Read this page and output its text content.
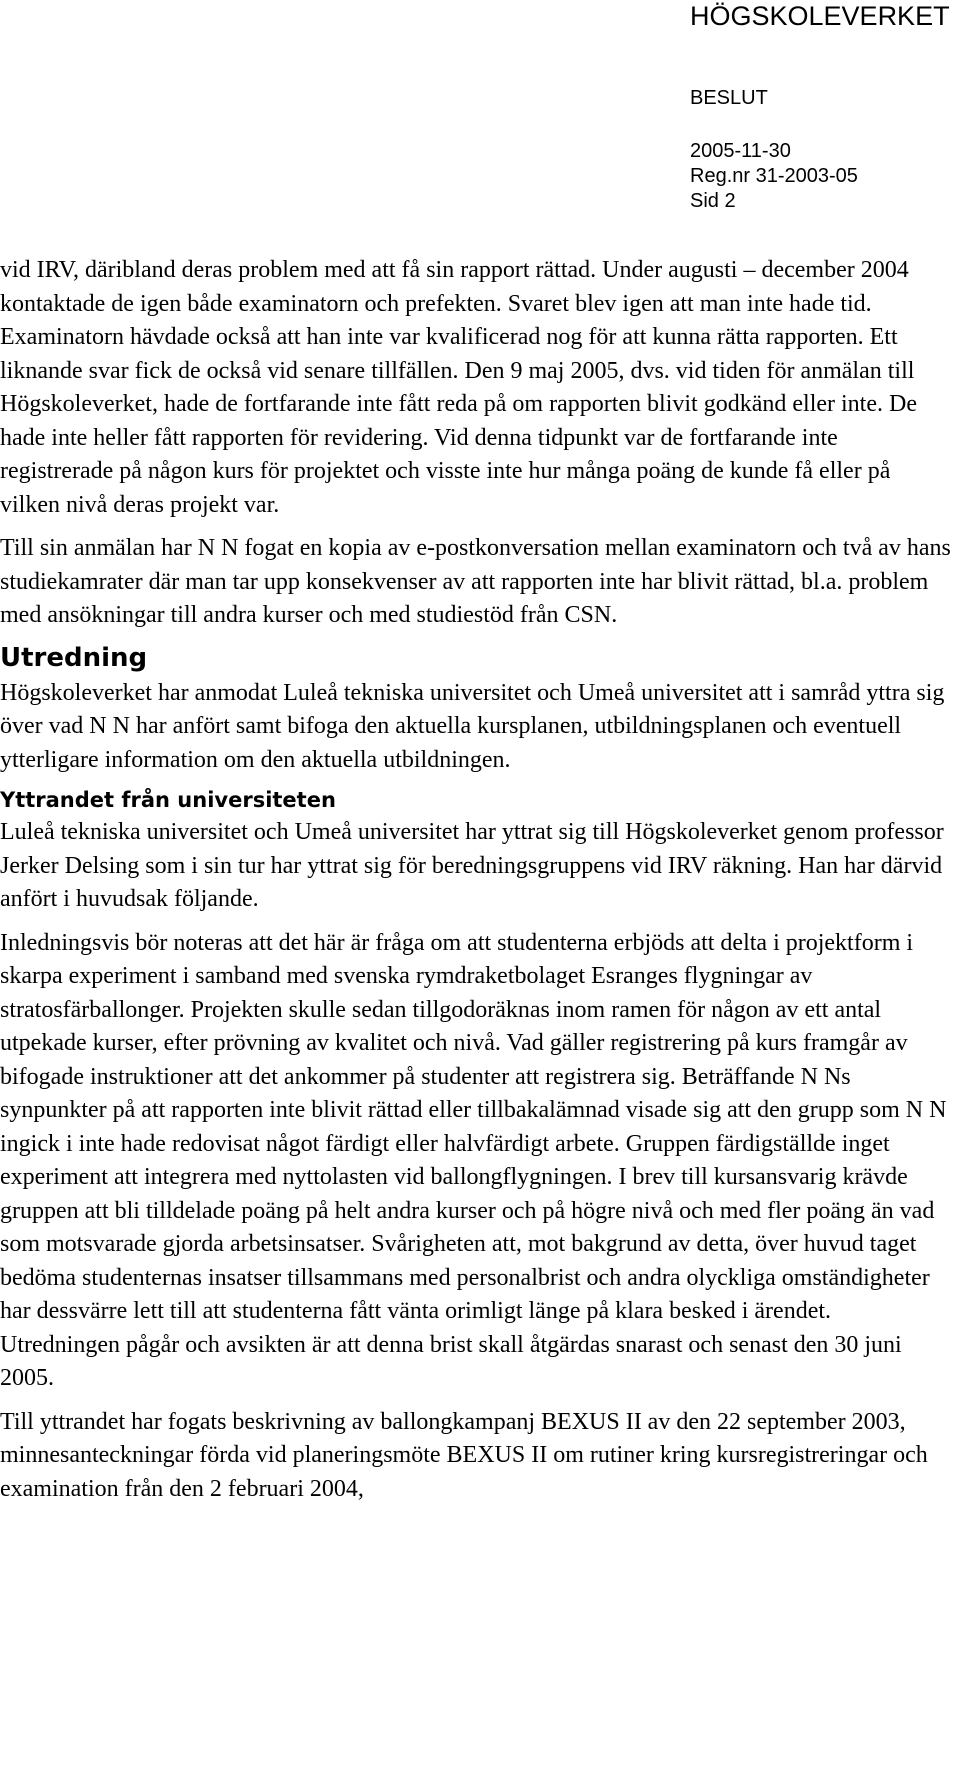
HÖGSKOLEVERKET
BESLUT
2005-11-30
Reg.nr 31-2003-05
Sid 2

vid IRV, däribland deras problem med att få sin rapport rättad. Under augusti – december 2004 kontaktade de igen både examinatorn och prefekten. Svaret blev igen att man inte hade tid. Examinatorn hävdade också att han inte var kvalificerad nog för att kunna rätta rapporten. Ett liknande svar fick de också vid senare tillfällen. Den 9 maj 2005, dvs. vid tiden för anmälan till Högskoleverket, hade de fortfarande inte fått reda på om rapporten blivit godkänd eller inte. De hade inte heller fått rapporten för revidering. Vid denna tidpunkt var de fortfarande inte registrerade på någon kurs för projektet och visste inte hur många poäng de kunde få eller på vilken nivå deras projekt var.

Till sin anmälan har N N fogat en kopia av e-postkonversation mellan examinatorn och två av hans studiekamrater där man tar upp konsekvenser av att rapporten inte har blivit rättad, bl.a. problem med ansökningar till andra kurser och med studiestöd från CSN.

Utredning

Högskoleverket har anmodat Luleå tekniska universitet och Umeå universitet att i samråd yttra sig över vad N N har anfört samt bifoga den aktuella kursplanen, utbildningsplanen och eventuell ytterligare information om den aktuella utbildningen.

Yttrandet från universiteten

Luleå tekniska universitet och Umeå universitet har yttrat sig till Högskoleverket genom professor Jerker Delsing som i sin tur har yttrat sig för beredningsgruppens vid IRV räkning. Han har därvid anfört i huvudsak följande.

Inledningsvis bör noteras att det här är fråga om att studenterna erbjöds att delta i projektform i skarpa experiment i samband med svenska rymdraketbolaget Esranges flygningar av stratosfärballonger. Projekten skulle sedan tillgodoräknas inom ramen för någon av ett antal utpekade kurser, efter prövning av kvalitet och nivå. Vad gäller registrering på kurs framgår av bifogade instruktioner att det ankommer på studenter att registrera sig. Beträffande N Ns synpunkter på att rapporten inte blivit rättad eller tillbakalämnad visade sig att den grupp som N N ingick i inte hade redovisat något färdigt eller halvfärdigt arbete. Gruppen färdigställde inget experiment att integrera med nyttolasten vid ballongflygningen. I brev till kursansvarig krävde gruppen att bli tilldelade poäng på helt andra kurser och på högre nivå och med fler poäng än vad som motsvarade gjorda arbetsinsatser. Svårigheten att, mot bakgrund av detta, över huvud taget bedöma studenternas insatser tillsammans med personalbrist och andra olyckliga omständigheter har dessvärre lett till att studenterna fått vänta orimligt länge på klara besked i ärendet. Utredningen pågår och avsikten är att denna brist skall åtgärdas snarast och senast den 30 juni 2005.

Till yttrandet har fogats beskrivning av ballongkampanj BEXUS II av den 22 september 2003, minnesanteckningar förda vid planeringsmöte BEXUS II om rutiner kring kursregistreringar och examination från den 2 februari 2004,
